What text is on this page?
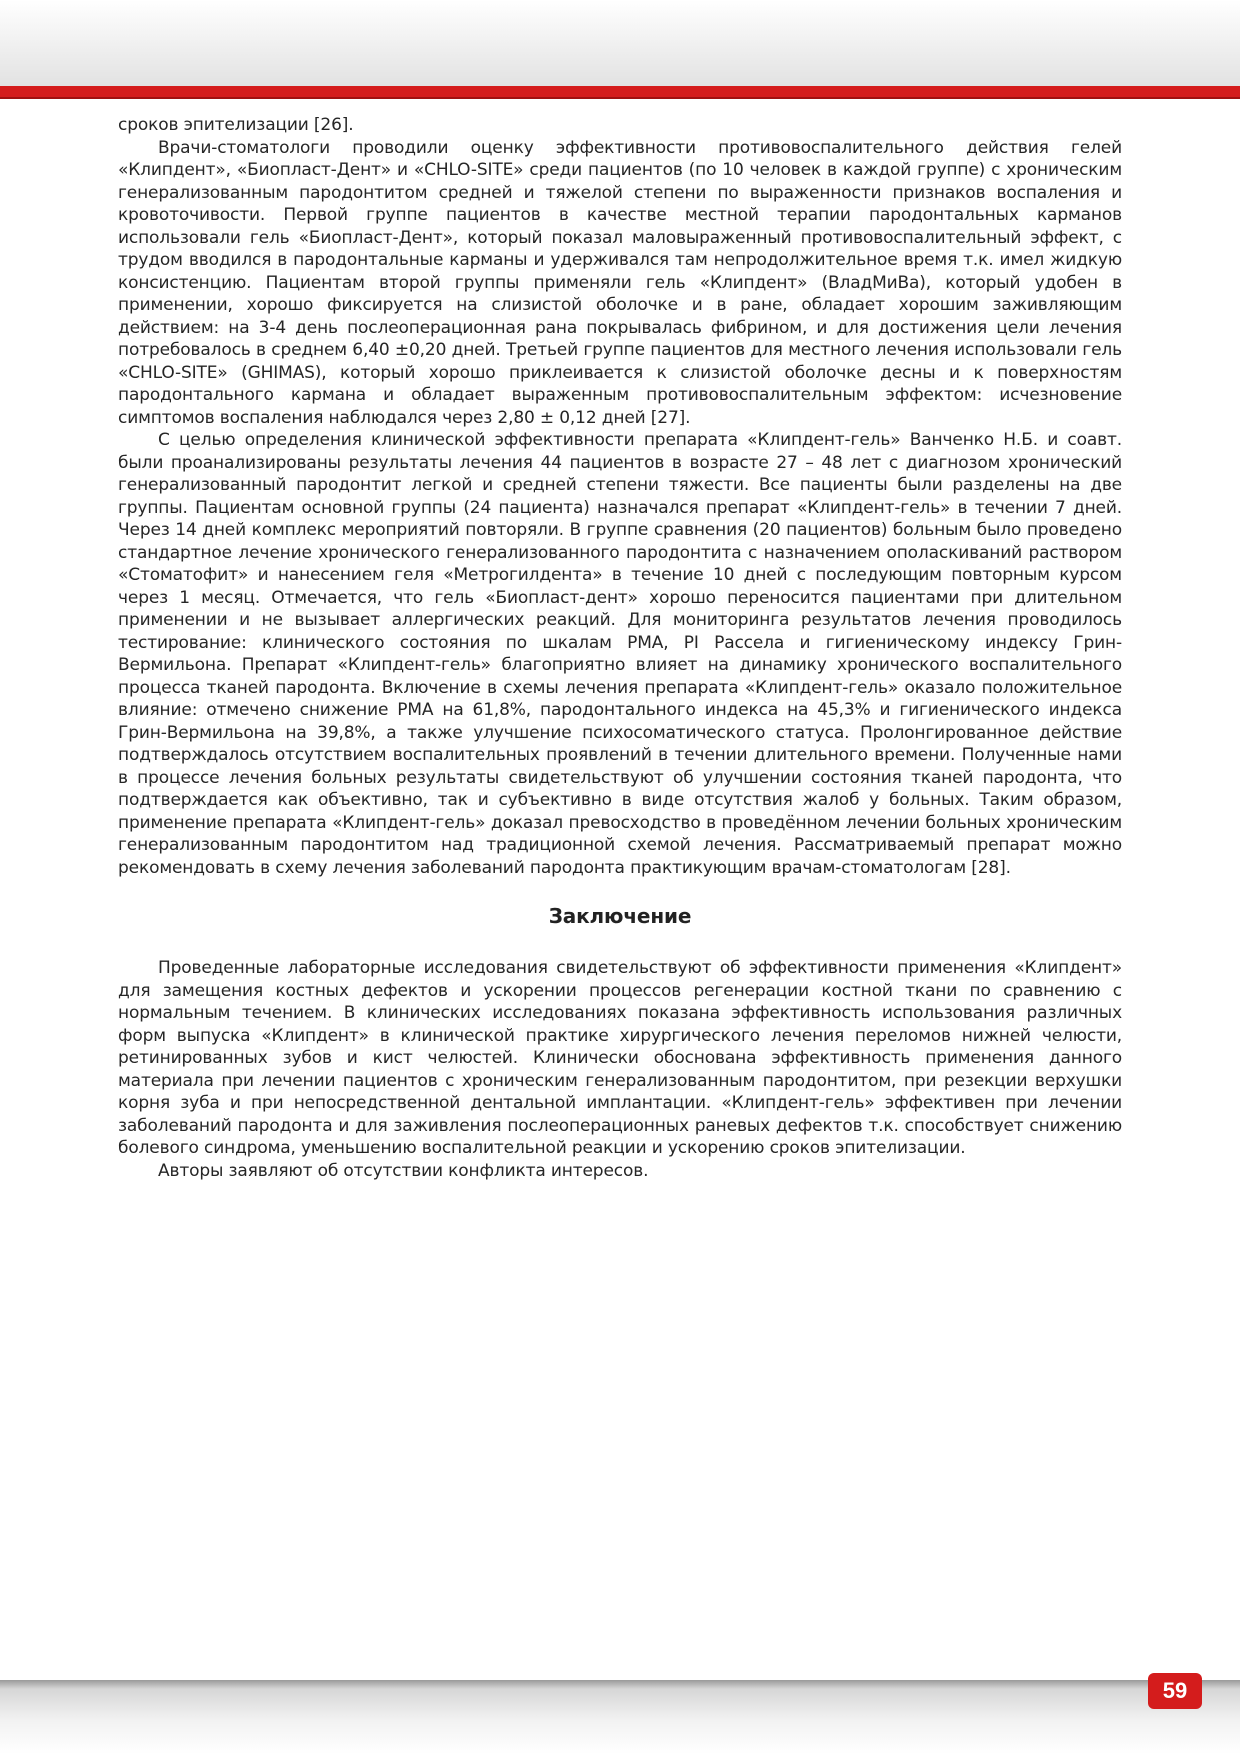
сроков эпителизации [26].

Врачи-стоматологи проводили оценку эффективности противовоспалительного действия гелей «Клипдент», «Биопласт-Дент» и «CHLO-SITE» среди пациентов (по 10 человек в каждой группе) с хроническим генерализованным пародонтитом средней и тяжелой степени по выраженности признаков воспаления и кровоточивости. Первой группе пациентов в качестве местной терапии пародонтальных карманов использовали гель «Биопласт-Дент», который показал маловыраженный противовоспалительный эффект, с трудом вводился в пародонтальные карманы и удерживался там непродолжительное время т.к. имел жидкую консистенцию. Пациентам второй группы применяли гель «Клипдент» (ВладМиВа), который удобен в применении, хорошо фиксируется на слизистой оболочке и в ране, обладает хорошим заживляющим действием: на 3-4 день послеоперационная рана покрывалась фибрином, и для достижения цели лечения потребовалось в среднем 6,40 ±0,20 дней. Третьей группе пациентов для местного лечения использовали гель «CHLO-SITE» (GHIMAS), который хорошо приклеивается к слизистой оболочке десны и к поверхностям пародонтального кармана и обладает выраженным противовоспалительным эффектом: исчезновение симптомов воспаления наблюдался через 2,80 ± 0,12 дней [27].

С целью определения клинической эффективности препарата «Клипдент-гель» Ванченко Н.Б. и соавт. были проанализированы результаты лечения 44 пациентов в возрасте 27 – 48 лет с диагнозом хронический генерализованный пародонтит легкой и средней степени тяжести. Все пациенты были разделены на две группы. Пациентам основной группы (24 пациента) назначался препарат «Клипдент-гель» в течении 7 дней. Через 14 дней комплекс мероприятий повторяли. В группе сравнения (20 пациентов) больным было проведено стандартное лечение хронического генерализованного пародонтита с назначением ополаскиваний раствором «Стоматофит» и нанесением геля «Метрогилдента» в течение 10 дней с последующим повторным курсом через 1 месяц. Отмечается, что гель «Биопласт-дент» хорошо переносится пациентами при длительном применении и не вызывает аллергических реакций. Для мониторинга результатов лечения проводилось тестирование: клинического состояния по шкалам PMA, PI Рассела и гигиеническому индексу Грин-Вермильона. Препарат «Клипдент-гель» благоприятно влияет на динамику хронического воспалительного процесса тканей пародонта. Включение в схемы лечения препарата «Клипдент-гель» оказало положительное влияние: отмечено снижение PMA на 61,8%, пародонтального индекса на 45,3% и гигиенического индекса Грин-Вермильона на 39,8%, а также улучшение психосоматического статуса. Пролонгированное действие подтверждалось отсутствием воспалительных проявлений в течении длительного времени. Полученные нами в процессе лечения больных результаты свидетельствуют об улучшении состояния тканей пародонта, что подтверждается как объективно, так и субъективно в виде отсутствия жалоб у больных. Таким образом, применение препарата «Клипдент-гель» доказал превосходство в проведённом лечении больных хроническим генерализованным пародонтитом над традиционной схемой лечения. Рассматриваемый препарат можно рекомендовать в схему лечения заболеваний пародонта практикующим врачам-стоматологам [28].

Заключение

Проведенные лабораторные исследования свидетельствуют об эффективности применения «Клипдент» для замещения костных дефектов и ускорении процессов регенерации костной ткани по сравнению с нормальным течением. В клинических исследованиях показана эффективность использования различных форм выпуска «Клипдент» в клинической практике хирургического лечения переломов нижней челюсти, ретинированных зубов и кист челюстей. Клинически обоснована эффективность применения данного материала при лечении пациентов с хроническим генерализованным пародонтитом, при резекции верхушки корня зуба и при непосредственной дентальной имплантации. «Клипдент-гель» эффективен при лечении заболеваний пародонта и для заживления послеоперационных раневых дефектов т.к. способствует снижению болевого синдрома, уменьшению воспалительной реакции и ускорению сроков эпителизации.

Авторы заявляют об отсутствии конфликта интересов.

59
